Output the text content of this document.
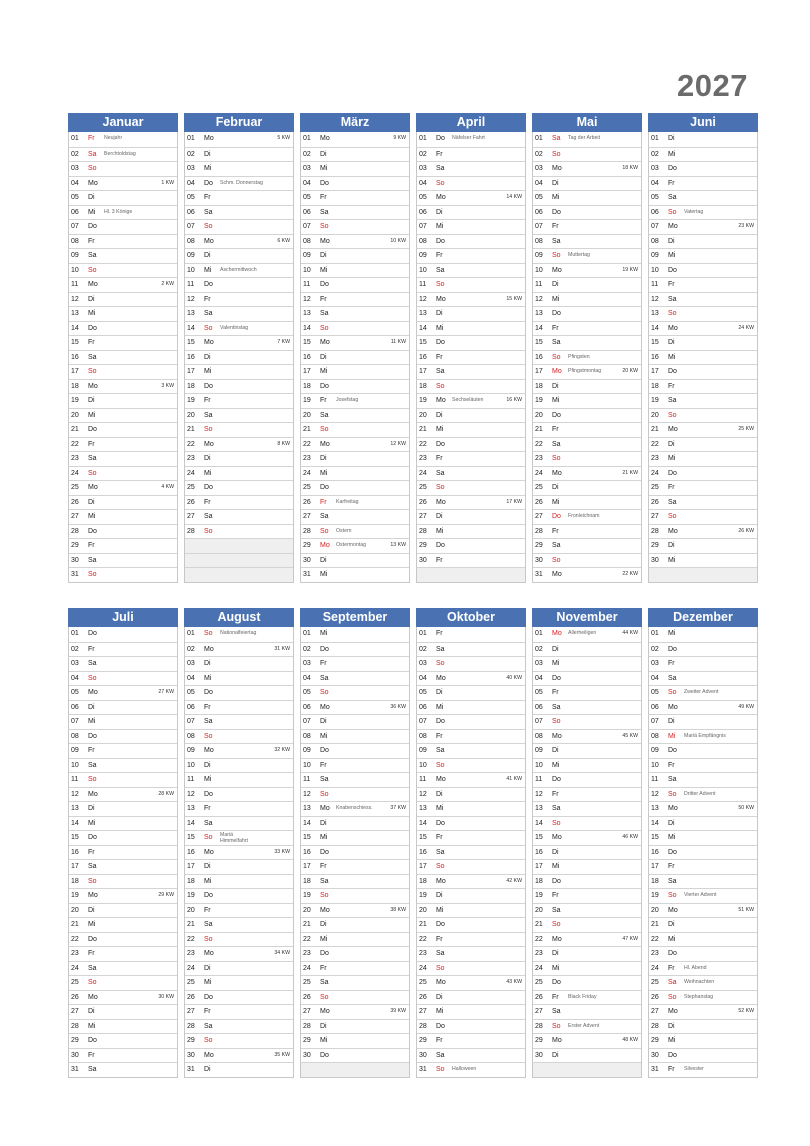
2027
Januar
01	Fr Neujahr
02	Sa Berchtoldstag
03	So
04	Mo	1 KW
05	Di
06	Mi Hl. 3 Könige
07	Do
08	Fr
09	Sa
10	So
11	Mo	2 KW
12	Di
13	Mi
14	Do
15	Fr
16	Sa
17	So
18	Mo	3 KW
19	Di
20	Mi
21	Do
22	Fr
23	Sa
24	So
25	Mo	4 KW
26	Di
27	Mi
28	Do
29	Fr
30	Sa
31	So
Februar
01	Mo	5 KW
02	Di
03	Mi
04	Do Schm. Donnerstag
05	Fr
06	Sa
07	So
08	Mo	6 KW
09	Di
10	Mi Aschermittwoch
11	Do
12	Fr
13	Sa
14	So Valentinstag
15	Mo	7 KW
16	Di
17	Mi
18	Do
19	Fr
20	Sa
21	So
22	Mo	8 KW
23	Di
24	Mi
25	Do
26	Fr
27	Sa
28	So
März
01	Mo	9 KW
02	Di
03	Mi
04	Do
05	Fr
06	Sa
07	So
08	Mo	10 KW
09	Di
10	Mi
11	Do
12	Fr
13	Sa
14	So
15	Mo	11 KW
16	Di
17	Mi
18	Do
19	Fr Josefstag
20	Sa
21	So
22	Mo	12 KW
23	Di
24	Mi
25	Do
26	Fr Karfreitag
27	Sa
28	So Ostern
29	Mo Ostermontag	13 KW
30	Di
31	Mi
April
01	Do Näfelser Fahrt
02	Fr
03	Sa
04	So
05	Mo	14 KW
06	Di
07	Mi
08	Do
09	Fr
10	Sa
11	So
12	Mo	15 KW
13	Di
14	Mi
15	Do
16	Fr
17	Sa
18	So
19	Mo Sechseläuten	16 KW
20	Di
21	Mi
22	Do
23	Fr
24	Sa
25	So
26	Mo	17 KW
27	Di
28	Mi
29	Do
30	Fr
Mai
01	Sa Tag der Arbeit
02	So
03	Mo	18 KW
04	Di
05	Mi
06	Do
07	Fr
08	Sa
09	So Muttertag
10	Mo	19 KW
11	Di
12	Mi
13	Do
14	Fr
15	Sa
16	So Pfingsten
17	Mo Pfingstmontag	20 KW
18	Di
19	Mi
20	Do
21	Fr
22	Sa
23	So
24	Mo	21 KW
25	Di
26	Mi
27	Do Fronleichnam
28	Fr
29	Sa
30	So
31	Mo	22 KW
Juni
01	Di
02	Mi
03	Do
04	Fr
05	Sa
06	So Vatertag
07	Mo	23 KW
08	Di
09	Mi
10	Do
11	Fr
12	Sa
13	So
14	Mo	24 KW
15	Di
16	Mi
17	Do
18	Fr
19	Sa
20	So
21	Mo	25 KW
22	Di
23	Mi
24	Do
25	Fr
26	Sa
27	So
28	Mo	26 KW
29	Di
30	Mi
Juli
01	Do
02	Fr
03	Sa
04	So
05	Mo	27 KW
06	Di
07	Mi
08	Do
09	Fr
10	Sa
11	So
12	Mo	28 KW
13	Di
14	Mi
15	Do
16	Fr
17	Sa
18	So
19	Mo	29 KW
20	Di
21	Mi
22	Do
23	Fr
24	Sa
25	So
26	Mo	30 KW
27	Di
28	Mi
29	Do
30	Fr
31	Sa
August
01	So Nationalfeiertag
02	Mo	31 KW
03	Di
04	Mi
05	Do
06	Fr
07	Sa
08	So
09	Mo	32 KW
10	Di
11	Mi
12	Do
13	Fr
14	Sa
15	So Mariä Himmelfahrt
16	Mo	33 KW
17	Di
18	Mi
19	Do
20	Fr
21	Sa
22	So
23	Mo	34 KW
24	Di
25	Mi
26	Do
27	Fr
28	Sa
29	So
30	Mo	35 KW
31	Di
September
01	Mi
02	Do
03	Fr
04	Sa
05	So
06	Mo	36 KW
07	Di
08	Mi
09	Do
10	Fr
11	Sa
12	So
13	Mo Knabenschiess.	37 KW
14	Di
15	Mi
16	Do
17	Fr
18	Sa
19	So
20	Mo	38 KW
21	Di
22	Mi
23	Do
24	Fr
25	Sa
26	So
27	Mo	39 KW
28	Di
29	Mi
30	Do
Oktober
01	Fr
02	Sa
03	So
04	Mo	40 KW
05	Di
06	Mi
07	Do
08	Fr
09	Sa
10	So
11	Mo	41 KW
12	Di
13	Mi
14	Do
15	Fr
16	Sa
17	So
18	Mo	42 KW
19	Di
20	Mi
21	Do
22	Fr
23	Sa
24	So
25	Mo	43 KW
26	Di
27	Mi
28	Do
29	Fr
30	Sa
31	So Halloween
November
01	Mo Allerheiligen	44 KW
02	Di
03	Mi
04	Do
05	Fr
06	Sa
07	So
08	Mo	45 KW
09	Di
10	Mi
11	Do
12	Fr
13	Sa
14	So
15	Mo	46 KW
16	Di
17	Mi
18	Do
19	Fr
20	Sa
21	So
22	Mo	47 KW
23	Di
24	Mi
25	Do
26	Fr Black Friday
27	Sa
28	So Erster Advent
29	Mo	48 KW
30	Di
Dezember
01	Mi
02	Do
03	Fr
04	Sa
05	So Zweiter Advent
06	Mo	49 KW
07	Di
08	Mi Mariä Empfängnis
09	Do
10	Fr
11	Sa
12	So Dritter Advent
13	Mo	50 KW
14	Di
15	Mi
16	Do
17	Fr
18	Sa
19	So Vierter Advent
20	Mo	51 KW
21	Di
22	Mi
23	Do
24	Fr Hl. Abend
25	Sa Weihnachten
26	So Stephanstag
27	Mo	52 KW
28	Di
29	Mi
30	Do
31	Fr Silvester
